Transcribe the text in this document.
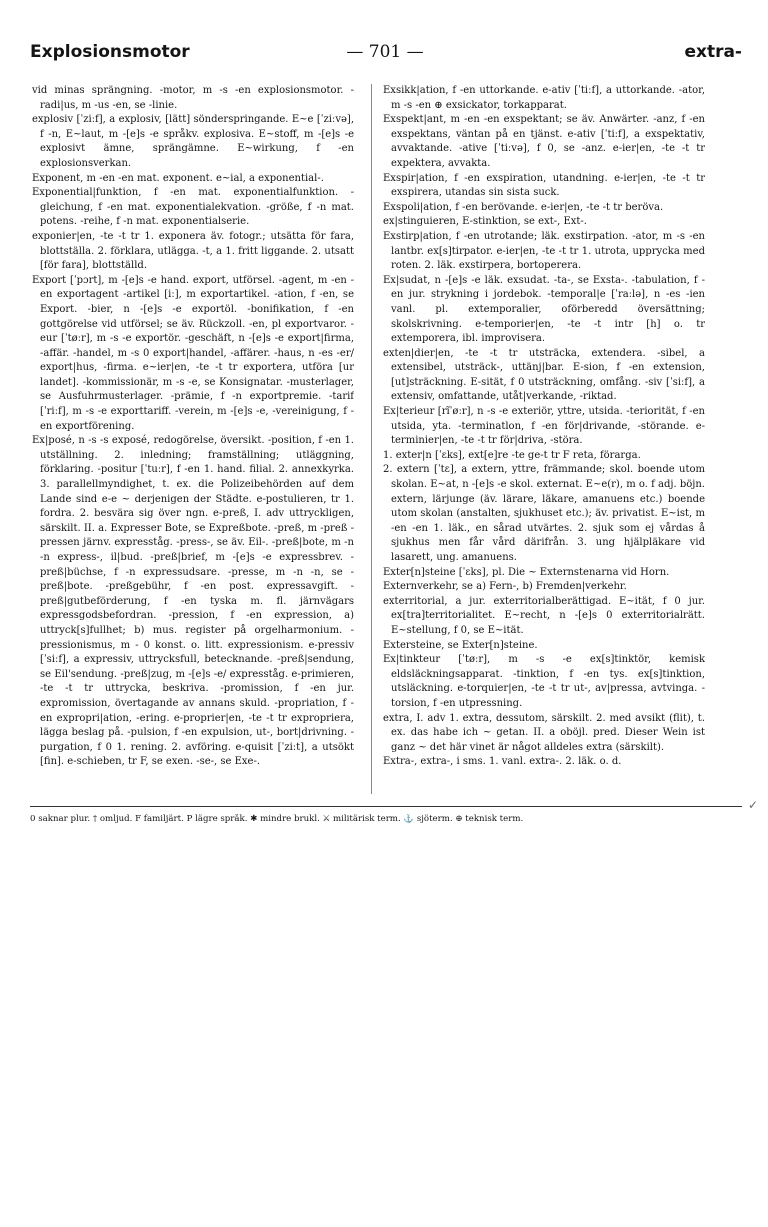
Explosionsmotor	— 701 —	extra-

vid minas sprängning. -motor, m -s -en explosionsmotor. -radi|us, m -us -en, se -linie.

explosiv [ˈziːf], a explosiv, [lätt] sönderspringande. E~e [ˈziːvə], f -n, E~laut, m -[e]s -e språkv. explosiva. E~stoff, m -[e]s -e explosivt ämne, sprängämne. E~wirkung, f -en explosionsverkan.

Exponent, m -en -en mat. exponent. e~ial, a exponential-.

Exponential|funktion, f -en mat. exponentialfunktion. -gleichung, f -en mat. exponentialekvation. -größe, f -n mat. potens. -reihe, f -n mat. exponentialserie.

exponier|en, -te -t tr 1. exponera äv. fotogr.; utsätta för fara, blottställa. 2. förklara, utlägga. -t, a 1. fritt liggande. 2. utsatt [för fara], blottställd.

Export [ˈpɔrt], m -[e]s -e hand. export, utförsel. -agent, m -en -en exportagent -artikel [iː], m exportartikel. -ation, f -en, se Export. -bier, n -[e]s -e exportöl. -bonifikation, f -en gottgörelse vid utförsel; se äv. Rückzoll. -en, pl exportvaror. -eur [ˈtøːr], m -s -e exportör. -geschäft, n -[e]s -e export|firma, -affär. -handel, m -s 0 export|handel, -affärer. -haus, n -es -er/ export|hus, -firma. e~ier|en, -te -t tr exportera, utföra [ur landet]. -kommissionär, m -s -e, se Konsignatar. -musterlager, se Ausfuhrmusterlager. -prämie, f -n exportpremie. -tarif [ˈriːf], m -s -e exporttariff. -verein, m -[e]s -e, -vereinigung, f -en exportförening.

Ex|posé, n -s -s exposé, redogörelse, översikt. -position, f -en 1. utställning. 2. inledning; framställning; utläggning, förklaring. -positur [ˈtuːr], f -en 1. hand. filial. 2. annexkyrka. 3. parallellmyndighet, t. ex. die Polizeibehörden auf dem Lande sind e-e ~ derjenigen der Städte. e-postulieren, tr 1. fordra. 2. besvära sig över ngn. e-preß, I. adv uttryckligen, särskilt. II. a. Expresser Bote, se Expreßbote. -preß, m -preß -pressen järnv. expresståg. -press-, se äv. Eil-. -preß|bote, m -n -n express-, il|bud. -preß|brief, m -[e]s -e expressbrev. -preß|büchse, f -n expressudsare. -presse, m -n -n, se -preß|bote. -preßgebühr, f -en post. expressavgift. -preß|gutbeförderung, f -en tyska m. fl. järnvägars expressgodsbefordran. -pression, f -en expression, a) uttryck[s]fullhet; b) mus. register på orgelharmonium. -pressionismus, m - 0 konst. o. litt. expressionism. e-pressiv [ˈsiːf], a expressiv, uttrycksfull, betecknande. -preß|sendung, se Eil'sendung. -preß|zug, m -[e]s -e/ expresståg. e-primieren, -te -t tr uttrycka, beskriva. -promission, f -en jur. expromission, övertagande av annans skuld. -propriation, f -en expropri|ation, -ering. e-proprier|en, -te -t tr expropriera, lägga beslag på. -pulsion, f -en expulsion, ut-, bort|drivning. -purgation, f 0 1. rening. 2. avföring. e-quisit [ˈziːt], a utsökt [fin]. e-schieben, tr F, se exen. -se-, se Exe-.

Exsikk|ation, f -en uttorkande. e-ativ [ˈtiːf], a uttorkande. -ator, m -s -en ⊕ exsickator, torkapparat.

Exspekt|ant, m -en -en exspektant; se äv. Anwärter. -anz, f -en exspektans, väntan på en tjänst. e-ativ [ˈtiːf], a exspektativ, avvaktande. -ative [ˈtiːvə], f 0, se -anz. e-ier|en, -te -t tr expektera, avvakta.

Exspir|ation, f -en exspiration, utandning. e-ier|en, -te -t tr exspirera, utandas sin sista suck.

Exspoli|ation, f -en berövande. e-ier|en, -te -t tr beröva.

ex|stinguieren, E-stinktion, se ext-, Ext-.

Exstirp|ation, f -en utrotande; läk. exstirpation. -ator, m -s -en lantbr. ex[s]tirpator. e-ier|en, -te -t tr 1. utrota, upprycka med roten. 2. läk. exstirpera, bortoperera.

Ex|sudat, n -[e]s -e läk. exsudat. -ta-, se Exsta-. -tabulation, f -en jur. strykning i jordebok. -temporal|e [ˈraːlə], n -es -ien vanl. pl. extemporalier, oförberedd översättning; skolskrivning. e-temporier|en, -te -t intr [h] o. tr extemporera, ibl. improvisera.

exten|dier|en, -te -t tr utsträcka, extendera. -sibel, a extensibel, utsträck-, uttänj|bar. E-sion, f -en extension, [ut]sträckning. E-sität, f 0 utsträckning, omfång. -siv [ˈsiːf], a extensiv, omfattande, utåt|verkande, -riktad.

Ex|terieur [rĩˈøːr], n -s -e exteriör, yttre, utsida. -teriorität, f -en utsida, yta. -terminatlon, f -en för|drivande, -störande. e-terminier|en, -te -t tr för|driva, -störa.

1. exter|n [ˈɛks], ext[e]re -te ge-t tr F reta, förarga.

2. extern [ˈtɛ], a extern, yttre, främmande; skol. boende utom skolan. E~at, n -[e]s -e skol. externat. E~e(r), m o. f adj. böjn. extern, lärjunge (äv. lärare, läkare, amanuens etc.) boende utom skolan (anstalten, sjukhuset etc.); äv. privatist. E~ist, m -en -en 1. läk., en sårad utvärtes. 2. sjuk som ej vårdas å sjukhus men får vård därifrån. 3. ung hjälpläkare vid lasarett, ung. amanuens.

Exter[n]steine [ˈɛks], pl. Die ~ Externstenarna vid Horn.

Externverkehr, se a) Fern-, b) Fremden|verkehr.

exterritorial, a jur. exterritorialberättigad. E~ität, f 0 jur. ex[tra]territorialitet. E~recht, n -[e]s 0 exterritorialrätt. E~stellung, f 0, se E~ität.

Extersteine, se Exter[n]steine.

Ex|tinkteur [ˈtøːr], m -s -e ex[s]tinktör, kemisk eldsläckningsapparat. -tinktion, f -en tys. ex[s]tinktion, utsläckning. e-torquier|en, -te -t tr ut-, av|pressa, avtvinga. -torsion, f -en utpressning.

extra, I. adv 1. extra, dessutom, särskilt. 2. med avsikt (flit), t. ex. das habe ich ~ getan. II. a oböjl. pred. Dieser Wein ist ganz ~ det här vinet är något alldeles extra (särskilt).

Extra-, extra-, i sms. 1. vanl. extra-. 2. läk. o. d.

0 saknar plur. † omljud. F familjärt. P lägre språk. ✱ mindre brukl. ⚔ militärisk term. ⚓ sjöterm. ⊕ teknisk term.
✓
